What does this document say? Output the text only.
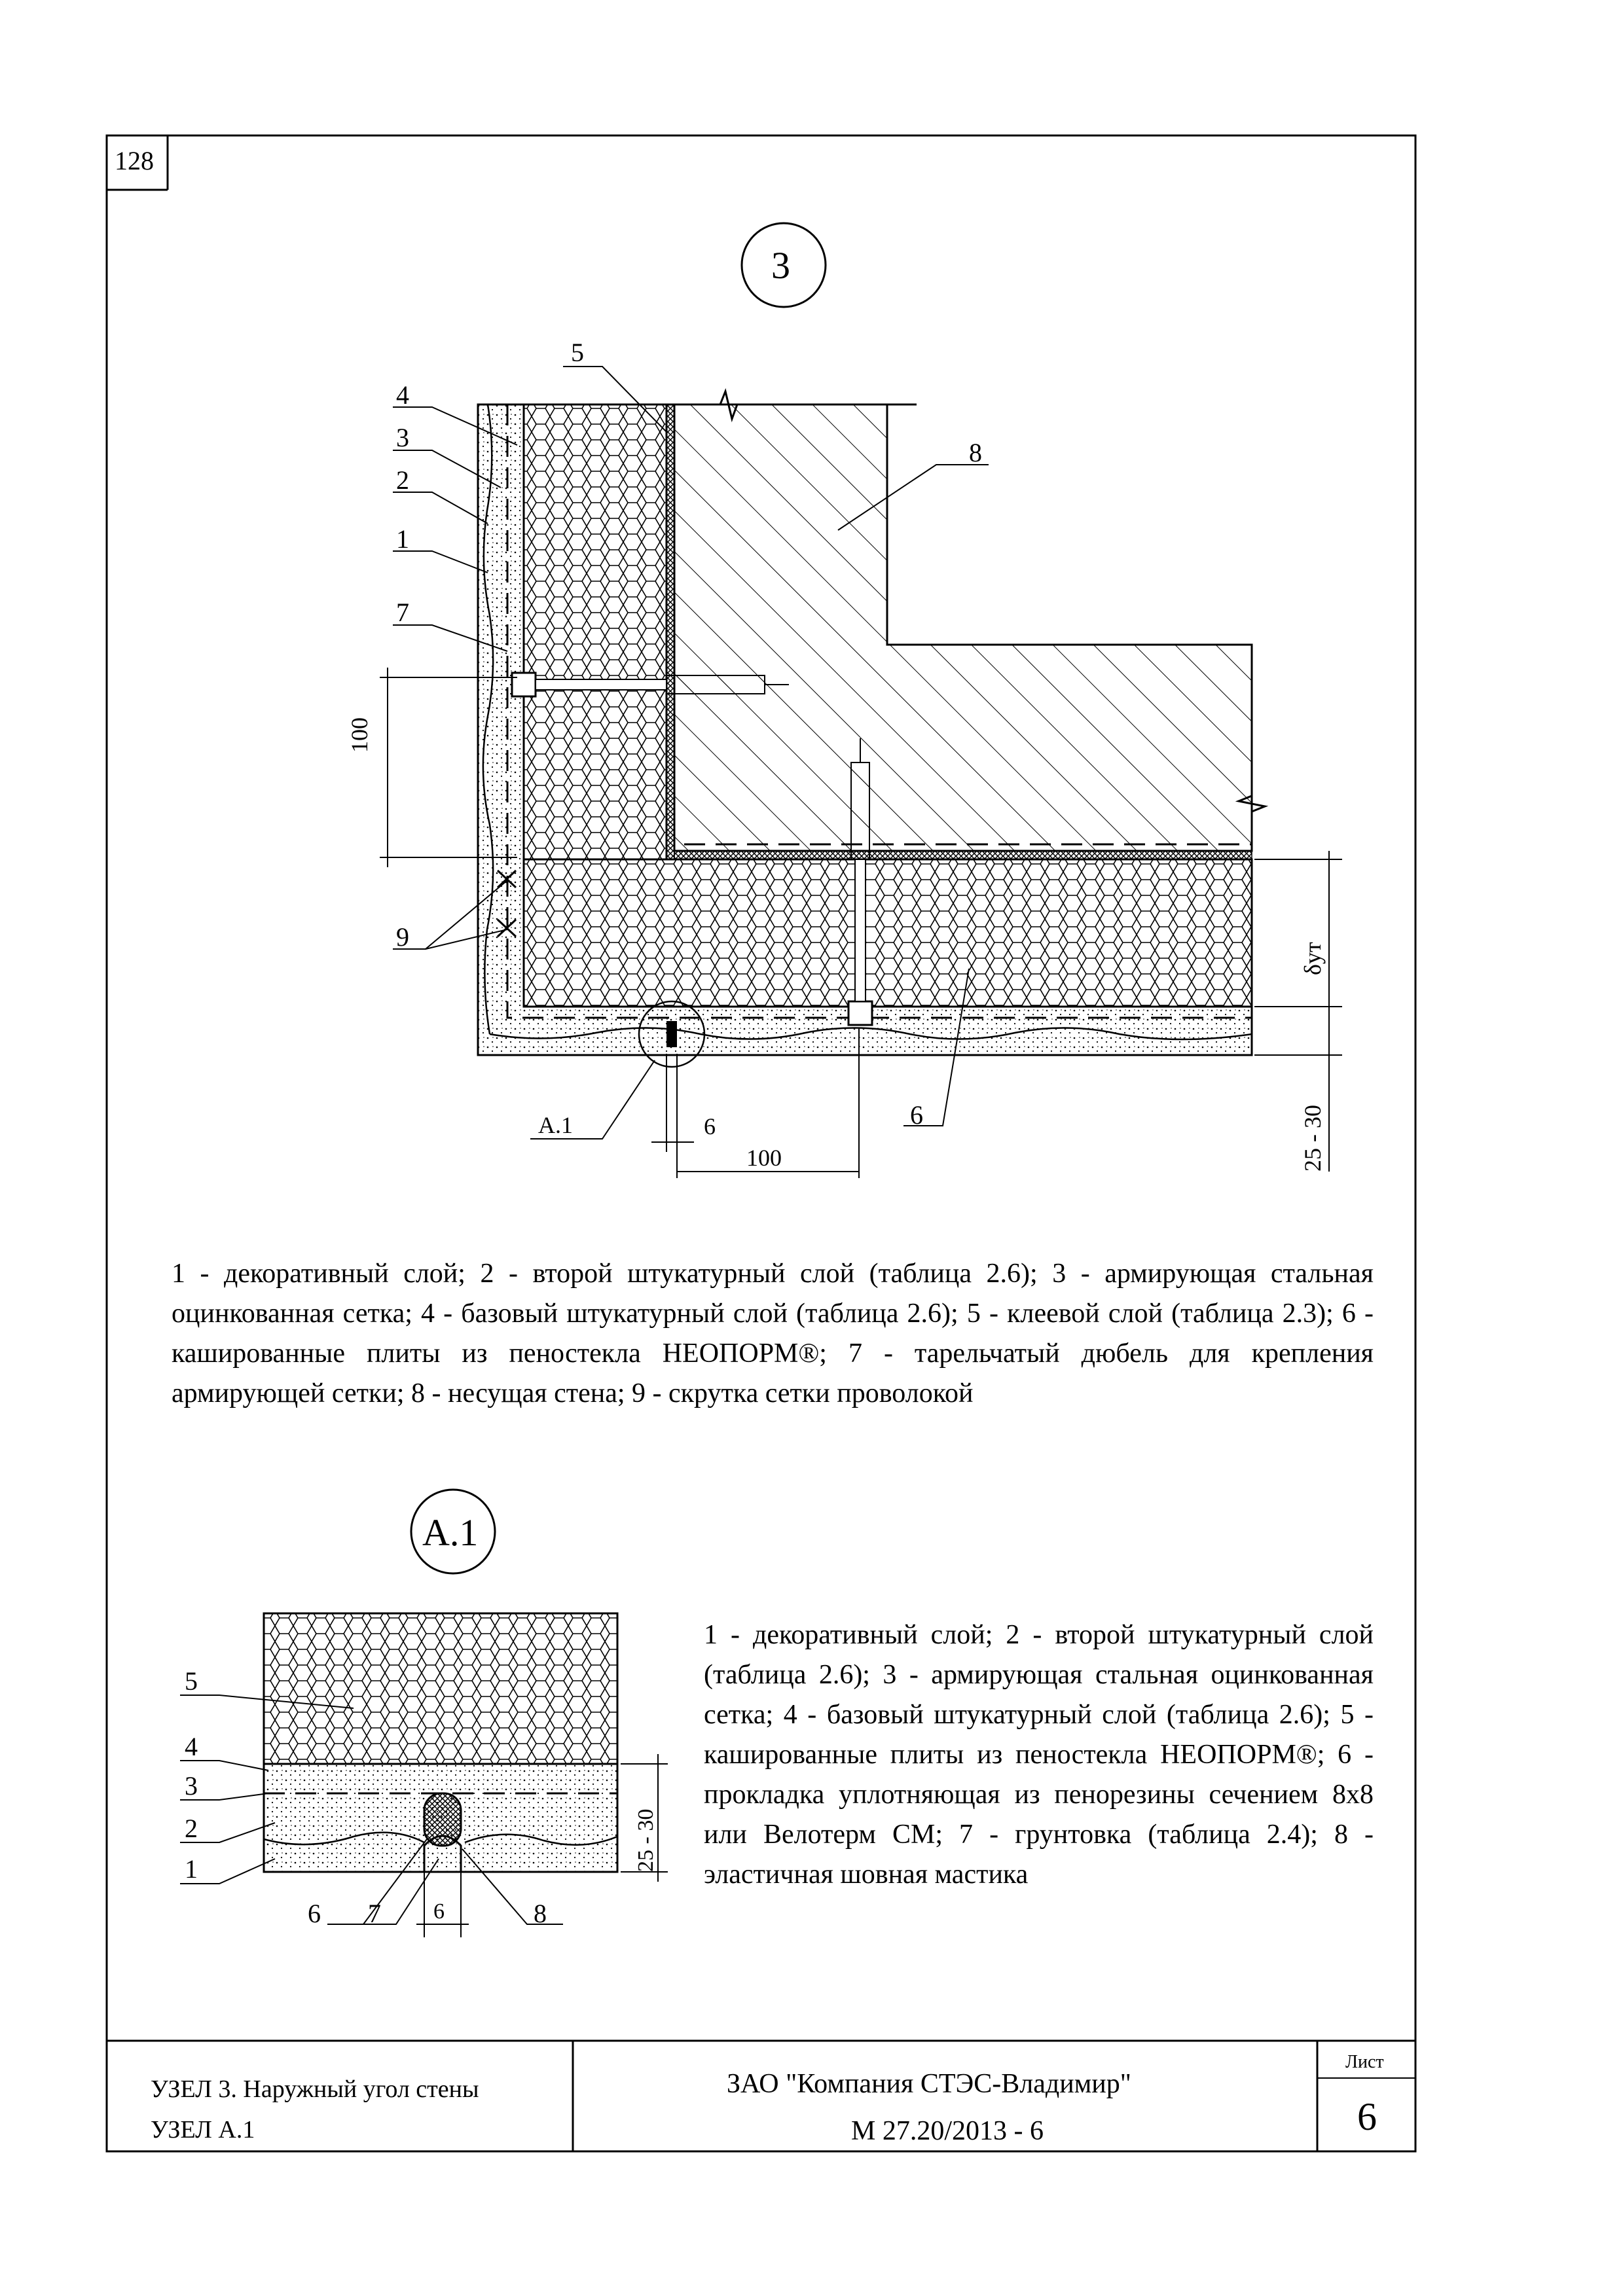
128
3
4
3
2
1
7
5
8
9
6
A.1
100
6
100
δут
25 - 30
1 - декоративный слой; 2 - второй штукатурный слой (таблица 2.6); 3 - армирующая стальная оцинкованная сетка; 4 - базовый штукатурный слой (таблица 2.6); 5 - клеевой слой (таблица 2.3); 6 - кашированные плиты из пеностекла НЕОПОРМ®; 7 - тарельчатый дюбель для крепления армирующей сетки; 8 - несущая стена; 9 - скрутка сетки проволокой
А.1
5
4
3
2
1
6 7	8
6
25 - 30
1 - декоративный слой; 2 - второй штукатурный слой (таблица 2.6); 3 - армирующая стальная оцинкованная сетка; 4 - базовый штукатурный слой (таблица 2.6); 5 - кашированные плиты из пеностекла НЕОПОРМ®; 6 - прокладка уплотняющая из пенорезины сечением 8х8 или Велотерм СМ; 7 - грунтовка (таблица 2.4); 8 - эластичная шовная мастика
УЗЕЛ 3. Наружный угол стены
УЗЕЛ А.1
ЗАО "Компания СТЭС-Владимир"
М 27.20/2013 - 6
Лист
6
